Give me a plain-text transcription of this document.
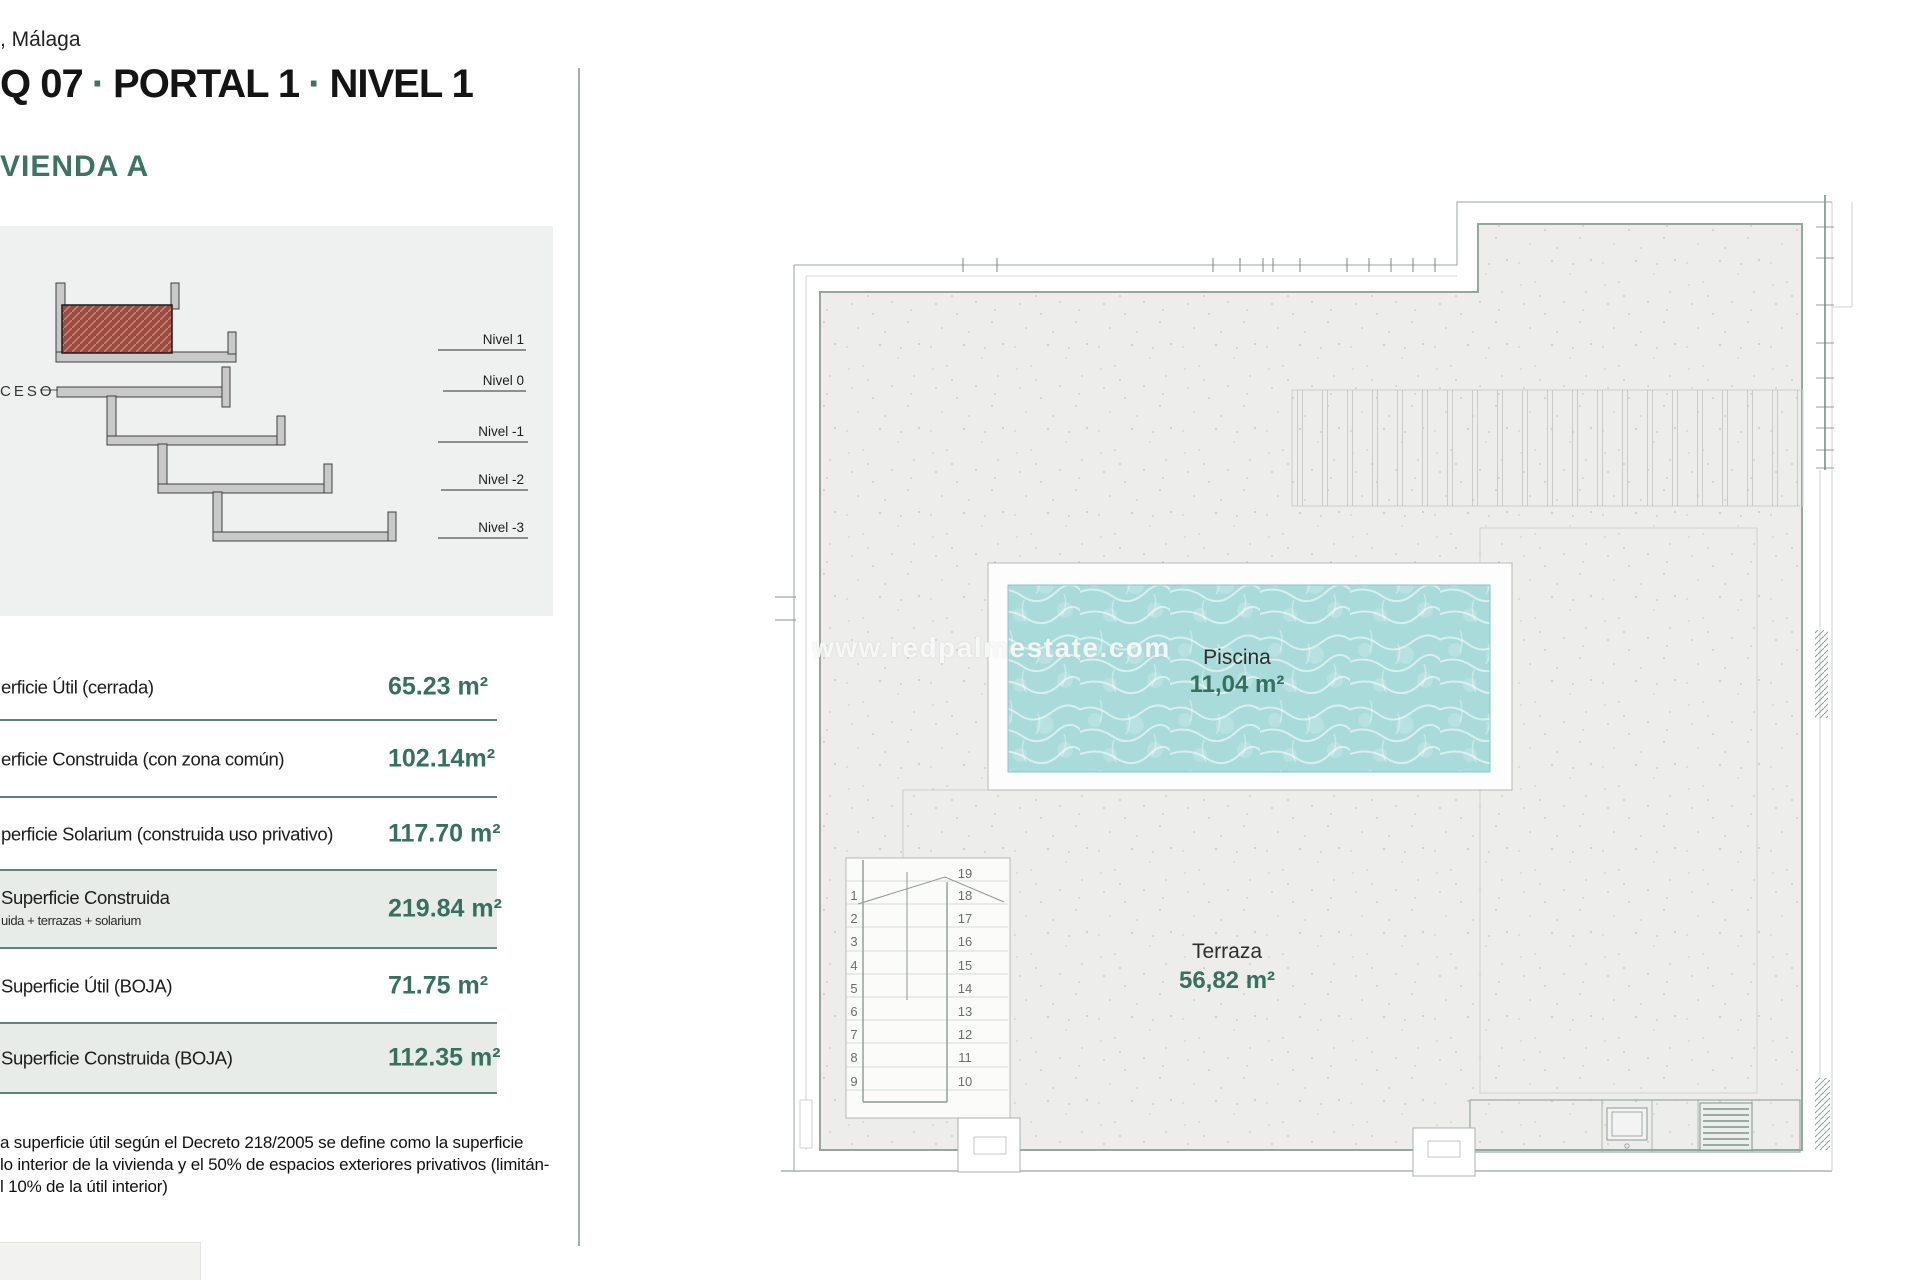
, Málaga
Q 07 · PORTAL 1 · NIVEL 1
VIENDA A
CESO
Nivel 1
Nivel 0
Nivel -1
Nivel -2
Nivel -3
erficie Útil (cerrada)	65.23 m²
erficie Construida (con zona común)	102.14m²
perficie Solarium (construida uso privativo) 117.70 m²
Superficie Construida
uida + terrazas + solarium	219.84 m²
Superficie Útil (BOJA)	71.75 m²
Superficie Construida (BOJA)	112.35 m²
a superficie útil según el Decreto 218/2005 se define como la superficie
lo interior de la vivienda y el 50% de espacios exteriores privativos (limitán-
l 10% de la útil interior)
1
2
3
4
5
6
7
8
9
19
18
17
16
15
14
13
12
11
10
Piscina
11,04 m²
Terraza
56,82 m²
www.redpalmestate.com
